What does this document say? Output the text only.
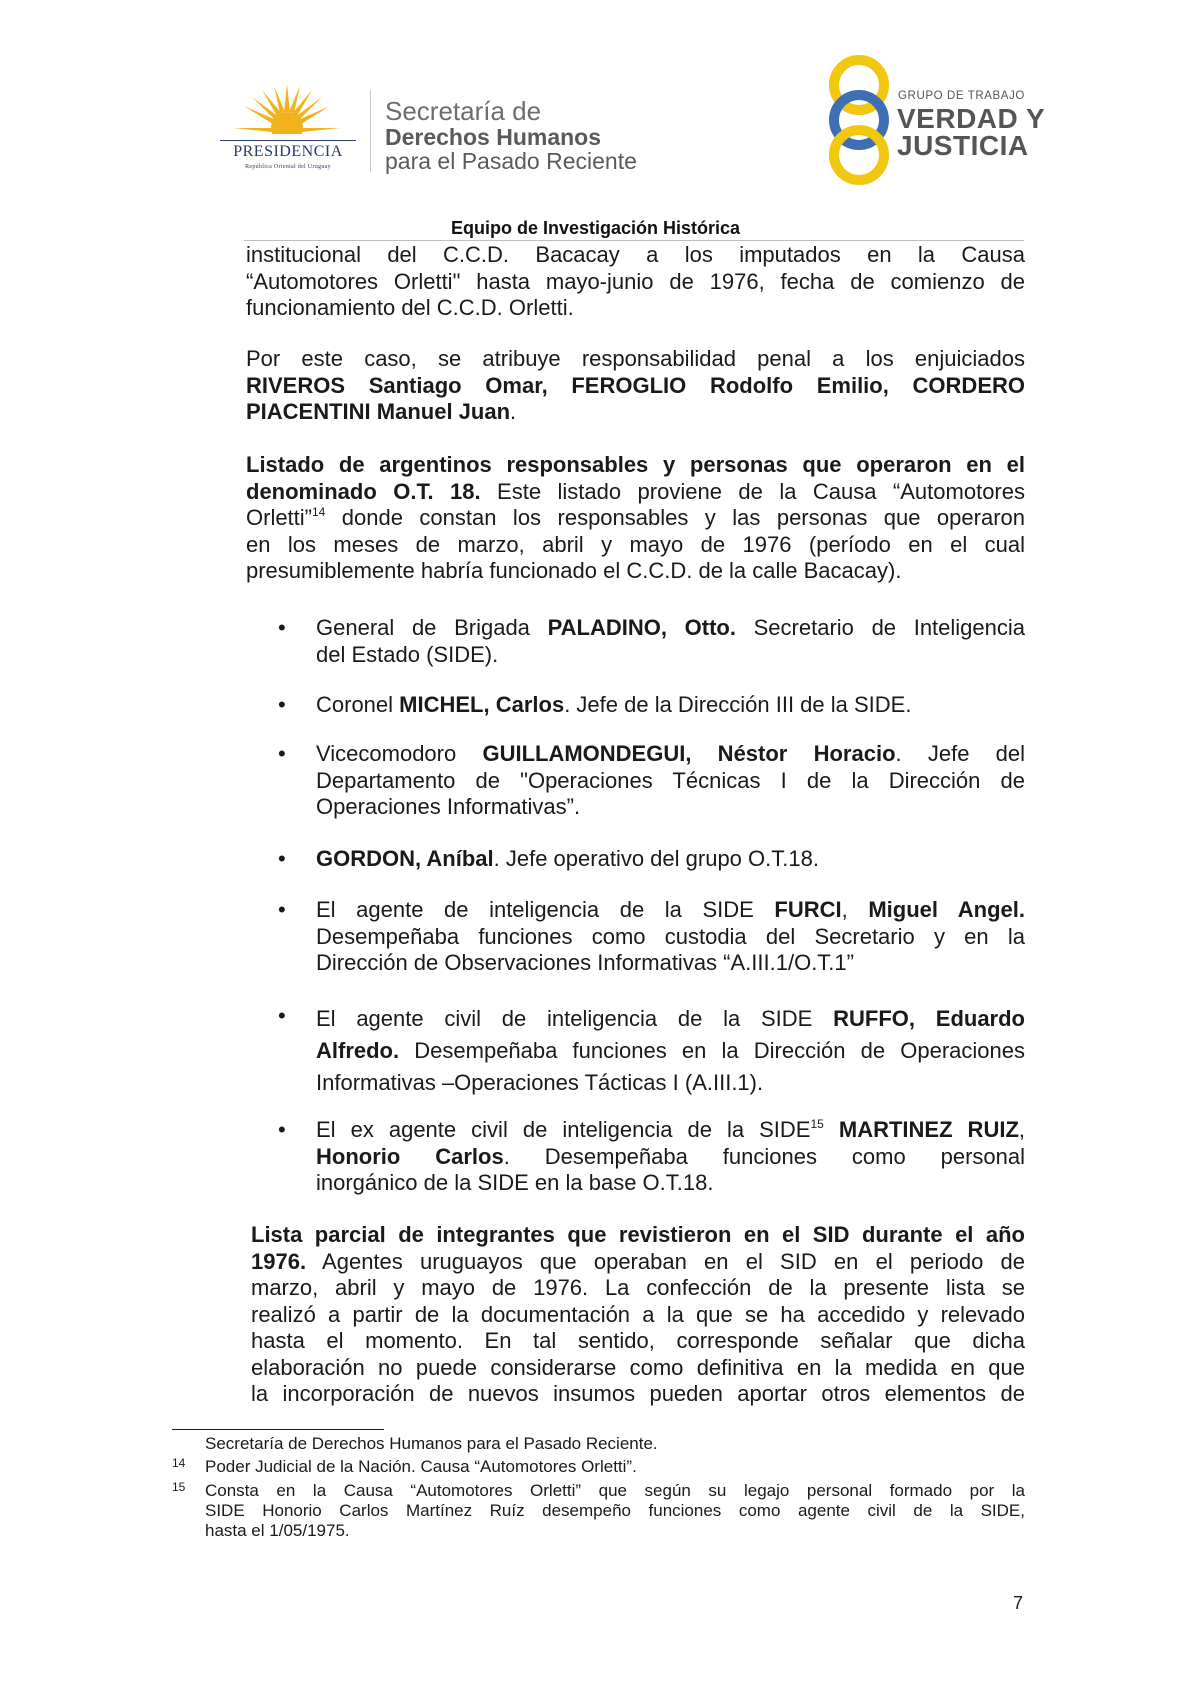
PRESIDENCIA
República Oriental del Uruguay
Secretaría de
Derechos Humanos
para el Pasado Reciente
GRUPO DE TRABAJO
VERDAD Y
JUSTICIA
Equipo de Investigación Histórica
institucional del C.C.D. Bacacay a los imputados en la Causa
“Automotores Orletti" hasta mayo-junio de 1976, fecha de comienzo de
funcionamiento del C.C.D. Orletti.
Por este caso, se atribuye responsabilidad penal a los enjuiciados
RIVEROS Santiago Omar, FEROGLIO Rodolfo Emilio, CORDERO
PIACENTINI Manuel Juan.
Listado de argentinos responsables y personas que operaron en el
denominado O.T. 18. Este listado proviene de la Causa “Automotores
Orletti”$^{14}$ donde constan los responsables y las personas que operaron
en los meses de marzo, abril y mayo de 1976 (período en el cual
presumiblemente habría funcionado el C.C.D. de la calle Bacacay).
• General de Brigada PALADINO, Otto. Secretario de Inteligencia
del Estado (SIDE).
• Coronel MICHEL, Carlos. Jefe de la Dirección III de la SIDE.
• Vicecomodoro GUILLAMONDEGUI, Néstor Horacio. Jefe del
Departamento de "Operaciones Técnicas I de la Dirección de
Operaciones Informativas”.
• GORDON, Aníbal. Jefe operativo del grupo O.T.18.
• El agente de inteligencia de la SIDE FURCI, Miguel Angel.
Desempeñaba funciones como custodia del Secretario y en la
Dirección de Observaciones Informativas “A.III.1/O.T.1”
• El agente civil de inteligencia de la SIDE RUFFO, Eduardo
Alfredo. Desempeñaba funciones en la Dirección de Operaciones
Informativas –Operaciones Tácticas I (A.III.1).
• El ex agente civil de inteligencia de la SIDE$^{15}$ MARTINEZ RUIZ,
Honorio Carlos. Desempeñaba funciones como personal
inorgánico de la SIDE en la base O.T.18.
Lista parcial de integrantes que revistieron en el SID durante el año
1976. Agentes uruguayos que operaban en el SID en el periodo de
marzo, abril y mayo de 1976. La confección de la presente lista se
realizó a partir de la documentación a la que se ha accedido y relevado
hasta el momento. En tal sentido, corresponde señalar que dicha
elaboración no puede considerarse como definitiva en la medida en que
la incorporación de nuevos insumos pueden aportar otros elementos de
Secretaría de Derechos Humanos para el Pasado Reciente.
14 Poder Judicial de la Nación. Causa “Automotores Orletti”.
15 Consta en la Causa “Automotores Orletti” que según su legajo personal formado por la
SIDE Honorio Carlos Martínez Ruíz desempeño funciones como agente civil de la SIDE,
hasta el 1/05/1975.
7
